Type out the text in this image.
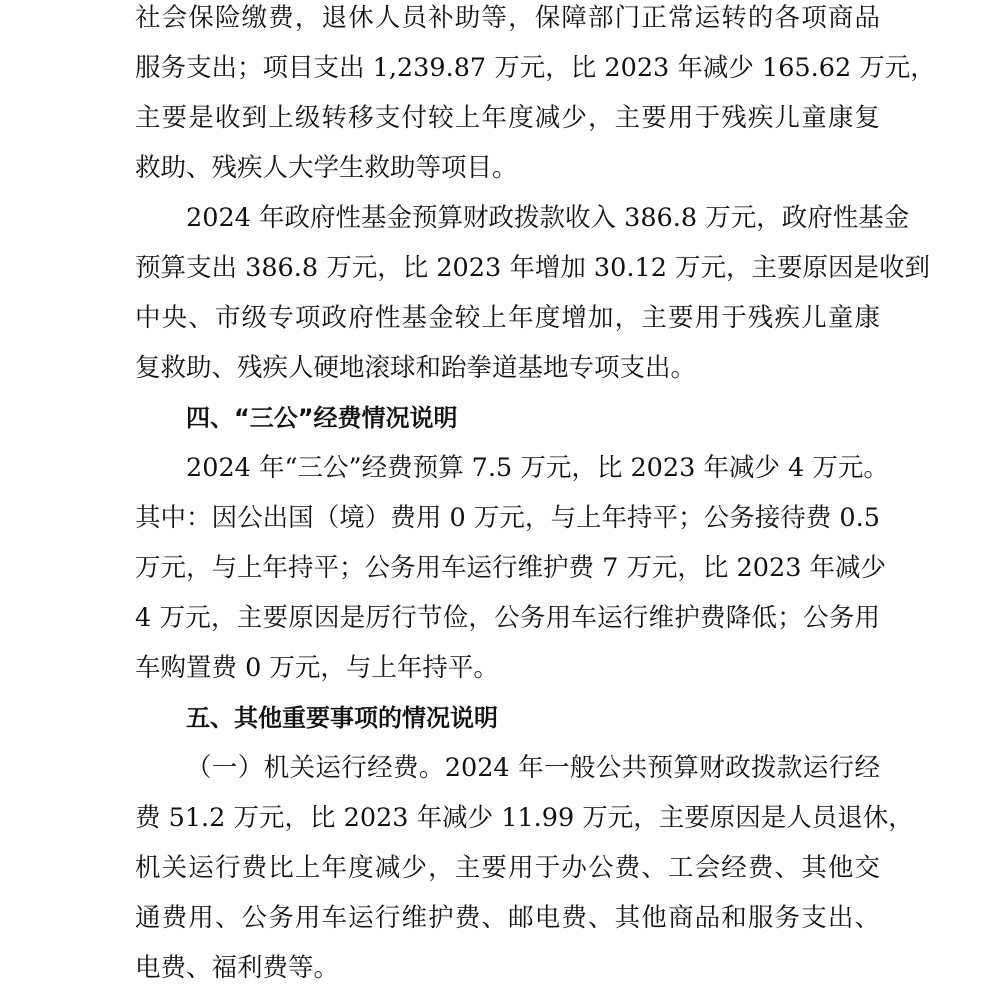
社会保险缴费，退休人员补助等，保障部门正常运转的各项商品
服务支出；项目支出 1,239.87 万元，比 2023 年减少 165.62 万元，
主要是收到上级转移支付较上年度减少，主要用于残疾儿童康复
救助、残疾人大学生救助等项目。
2024 年政府性基金预算财政拨款收入 386.8 万元，政府性基金
预算支出 386.8 万元，比 2023 年增加 30.12 万元，主要原因是收到
中央、市级专项政府性基金较上年度增加，主要用于残疾儿童康
复救助、残疾人硬地滚球和跆拳道基地专项支出。
四、“三公”经费情况说明
2024 年“三公”经费预算 7.5 万元，比 2023 年减少 4 万元。
其中：因公出国（境）费用 0 万元，与上年持平；公务接待费 0.5
万元，与上年持平；公务用车运行维护费 7 万元，比 2023 年减少
4 万元，主要原因是厉行节俭，公务用车运行维护费降低；公务用
车购置费 0 万元，与上年持平。
五、其他重要事项的情况说明
（一）机关运行经费。2024 年一般公共预算财政拨款运行经
费 51.2 万元，比 2023 年减少 11.99 万元，主要原因是人员退休，
机关运行费比上年度减少，主要用于办公费、工会经费、其他交
通费用、公务用车运行维护费、邮电费、其他商品和服务支出、
电费、福利费等。
